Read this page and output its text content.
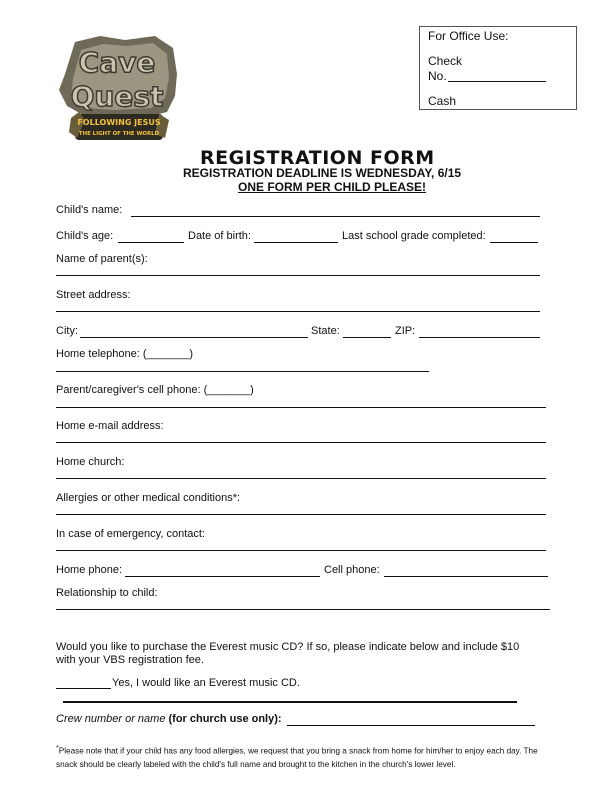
For Office Use:
Check
No.
Cash
Cave
Quest
FOLLOWING JESUS
THE LIGHT OF THE WORLD
REGISTRATION FORM
REGISTRATION DEADLINE IS WEDNESDAY, 6/15
ONE FORM PER CHILD PLEASE!
Child's name:
Child's age:	Date of birth:	Last school grade completed:
Name of parent(s):
Street address:
City:	State:	ZIP:
Home telephone: (_______)
Parent/caregiver's cell phone: (_______)
Home e-mail address:
Home church:
Allergies or other medical conditions*:
In case of emergency, contact:
Home phone:	Cell phone:
Relationship to child:
Would you like to purchase the Everest music CD? If so, please indicate below and include $10
with your VBS registration fee.
Yes, I would like an Everest music CD.
Crew number or name (for church use only):
*Please note that if your child has any food allergies, we request that you bring a snack from home for him/her to enjoy each day. The snack should be clearly labeled with the child's full name and brought to the kitchen in the church's lower level.
